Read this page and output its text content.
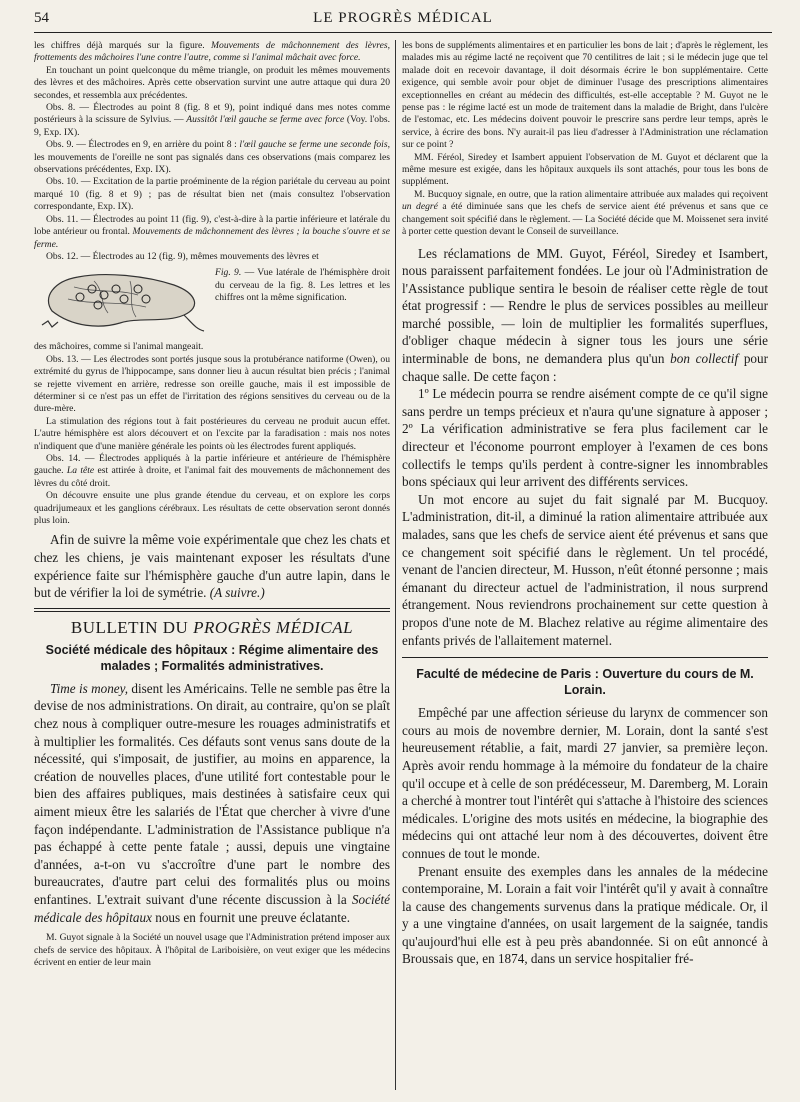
54	LE PROGRÈS MÉDICAL

les chiffres déjà marqués sur la figure. Mouvements de mâchonnement des lèvres, frottements des mâchoires l'une contre l'autre, comme si l'animal mâchait avec force.

En touchant un point quelconque du même triangle, on produit les mêmes mouvements des lèvres et des mâchoires. Après cette observation survint une autre attaque qui dura 20 secondes, et ressembla aux précédentes.

Obs. 8. — Électrodes au point 8 (fig. 8 et 9), point indiqué dans mes notes comme postérieurs à la scissure de Sylvius. — Aussitôt l'œil gauche se ferme avec force (Voy. l'obs. 9, Exp. IX).

Obs. 9. — Électrodes en 9, en arrière du point 8 : l'œil gauche se ferme une seconde fois, les mouvements de l'oreille ne sont pas signalés dans ces observations (mais comparez les observations précédentes, Exp. IX).

Obs. 10. — Excitation de la partie proéminente de la région pariétale du cerveau au point marqué 10 (fig. 8 et 9) ; pas de résultat bien net (mais consultez l'observation correspondante, Exp. IX).

Obs. 11. — Électrodes au point 11 (fig. 9), c'est-à-dire à la partie inférieure et latérale du lobe antérieur ou frontal. Mouvements de mâchonnement des lèvres ; la bouche s'ouvre et se ferme.

Obs. 12. — Électrodes au 12 (fig. 9), mêmes mouvements des lèvres et

Fig. 9. — Vue latérale de l'hémisphère droit du cerveau de la fig. 8. Les lettres et les chiffres ont la même signification.

des mâchoires, comme si l'animal mangeait.

Obs. 13. — Les électrodes sont portés jusque sous la protubérance natiforme (Owen), ou extrémité du gyrus de l'hippocampe, sans donner lieu à aucun résultat bien précis ; l'animal se rejette vivement en arrière, redresse son oreille gauche, mais il est impossible de déterminer si ce n'est pas un effet de l'irritation des régions sensitives du cerveau ou de la dure-mère.

La stimulation des régions tout à fait postérieures du cerveau ne produit aucun effet. L'autre hémisphère est alors découvert et on l'excite par la faradisation : mais nos notes n'indiquent que d'une manière générale les points où les électrodes furent appliqués.

Obs. 14. — Électrodes appliqués à la partie inférieure et antérieure de l'hémisphère gauche. La tête est attirée à droite, et l'animal fait des mouvements de mâchonnement des lèvres du côté droit.

On découvre ensuite une plus grande étendue du cerveau, et on explore les corps quadrijumeaux et les ganglions cérébraux. Les résultats de cette observation seront donnés plus loin.

Afin de suivre la même voie expérimentale que chez les chats et chez les chiens, je vais maintenant exposer les résultats d'une expérience faite sur l'hémisphère gauche d'un autre lapin, dans le but de vérifier la loi de symétrie. (A suivre.)

BULLETIN DU PROGRÈS MÉDICAL
Société médicale des hôpitaux : Régime alimentaire des malades ; Formalités administratives.

Time is money, disent les Américains. Telle ne semble pas être la devise de nos administrations. On dirait, au contraire, qu'on se plaît chez nous à compliquer outre-mesure les rouages administratifs et à multiplier les formalités. Ces défauts sont venus sans doute de la nécessité, qui s'imposait, de justifier, au moins en apparence, la création de nouvelles places, d'une utilité fort contestable pour le bien des affaires publiques, mais destinées à satisfaire ceux qui aiment mieux être les salariés de l'État que chercher à vivre d'une façon indépendante. L'administration de l'Assistance publique n'a pas échappé à cette pente fatale ; aussi, depuis une vingtaine d'années, a-t-on vu s'accroître d'une part le nombre des bureaucrates, d'autre part celui des formalités plus ou moins enfantines. L'extrait suivant d'une récente discussion à la Société médicale des hôpitaux nous en fournit une preuve éclatante.

M. Guyot signale à la Société un nouvel usage que l'Administration prétend imposer aux chefs de service des hôpitaux. À l'hôpital de Lariboisière, on veut exiger que les médecins écrivent en entier de leur main

les bons de suppléments alimentaires et en particulier les bons de lait ; d'après le règlement, les malades mis au régime lacté ne reçoivent que 70 centilitres de lait ; si le médecin juge que tel malade doit en recevoir davantage, il doit désormais écrire le bon supplémentaire. Cette exigence, qui semble avoir pour objet de diminuer l'usage des prescriptions alimentaires exceptionnelles en créant au médecin des difficultés, est-elle acceptable ? M. Guyot ne le pense pas : le régime lacté est un mode de traitement dans la maladie de Bright, dans l'ulcère de l'estomac, etc. Les médecins doivent pouvoir le prescrire sans perdre leur temps, après le service, à écrire des bons. N'y aurait-il pas lieu d'adresser à l'Administration une réclamation sur ce point ?

MM. Féréol, Siredey et Isambert appuient l'observation de M. Guyot et déclarent que la même mesure est exigée, dans les hôpitaux auxquels ils sont attachés, pour tous les bons de supplément.

M. Bucquoy signale, en outre, que la ration alimentaire attribuée aux malades qui reçoivent un degré a été diminuée sans que les chefs de service aient été prévenus et sans que ce changement soit spécifié dans le règlement. — La Société décide que M. Moissenet sera invité à porter cette question devant le Conseil de surveillance.

Les réclamations de MM. Guyot, Féréol, Siredey et Isambert, nous paraissent parfaitement fondées. Le jour où l'Administration de l'Assistance publique sentira le besoin de réaliser cette règle de tout état progressif : — Rendre le plus de services possibles au meilleur marché possible, — loin de multiplier les formalités superflues, d'obliger chaque médecin à signer tous les jours une série interminable de bons, ne demandera plus qu'un bon collectif pour chaque salle. De cette façon :

1º Le médecin pourra se rendre aisément compte de ce qu'il signe sans perdre un temps précieux et n'aura qu'une signature à apposer ; 2º La vérification administrative se fera plus facilement car le directeur et l'économe pourront employer à l'examen de ces bons collectifs le temps qu'ils perdent à contre-signer les innombrables bons spéciaux qui leur arrivent des différents services.

Un mot encore au sujet du fait signalé par M. Bucquoy. L'administration, dit-il, a diminué la ration alimentaire attribuée aux malades, sans que les chefs de service aient été prévenus et sans que ce changement soit spécifié dans le règlement. Un tel procédé, venant de l'ancien directeur, M. Husson, n'eût étonné personne ; mais émanant du directeur actuel de l'administration, il nous surprend étrangement. Nous reviendrons prochainement sur cette question à propos d'une note de M. Blachez relative au régime alimentaire des enfants privés de l'allaitement maternel.

Faculté de médecine de Paris : Ouverture du cours de M. Lorain.

Empêché par une affection sérieuse du larynx de commencer son cours au mois de novembre dernier, M. Lorain, dont la santé s'est heureusement rétablie, a fait, mardi 27 janvier, sa première leçon. Après avoir rendu hommage à la mémoire du fondateur de la chaire qu'il occupe et à celle de son prédécesseur, M. Daremberg, M. Lorain a cherché à montrer tout l'intérêt qui s'attache à l'histoire des sciences médicales. L'origine des mots usités en médecine, la biographie des médecins qui ont attaché leur nom à des découvertes, doivent être connues de tout le monde.

Prenant ensuite des exemples dans les annales de la médecine contemporaine, M. Lorain a fait voir l'intérêt qu'il y avait à connaître la cause des changements survenus dans la pratique médicale. Or, il y a une vingtaine d'années, on usait largement de la saignée, tandis qu'aujourd'hui elle est à peu près abandonnée. Si on eût annoncé à Broussais que, en 1874, dans un service hospitalier fré-
